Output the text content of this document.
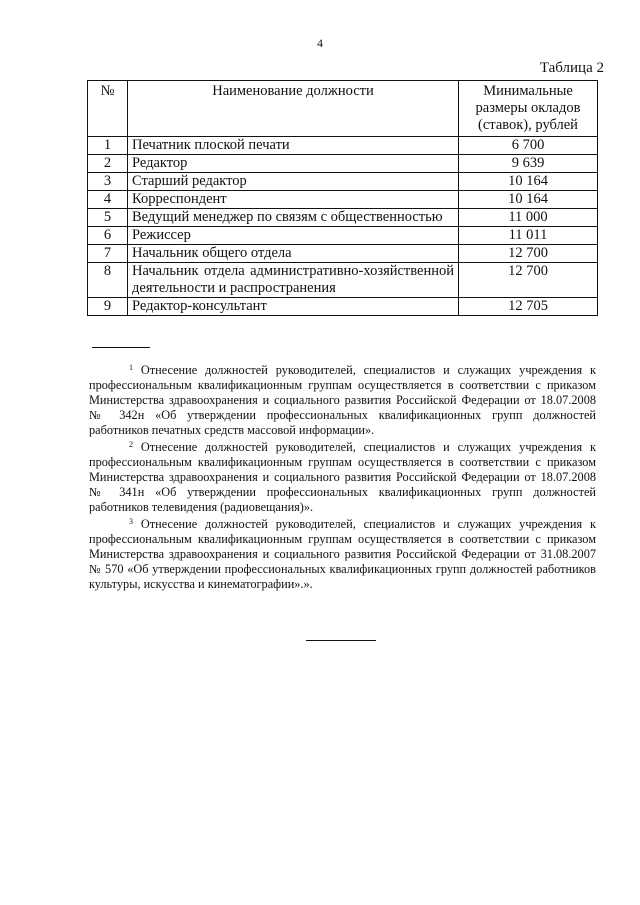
4
Таблица 2
№	Наименование должности	Минимальные размеры окладов (ставок), рублей
1	Печатник плоской печати	6 700
2	Редактор	9 639
3	Старший редактор	10 164
4	Корреспондент	10 164
5	Ведущий менеджер по связям с общественностью	11 000
6	Режиссер	11 011
7	Начальник общего отдела	12 700
8	Начальник отдела административно-хозяйственной деятельности и распространения	12 700
9	Редактор-консультант	12 705

$^1$ Отнесение должностей руководителей, специалистов и служащих учреждения к профессиональным квалификационным группам осуществляется в соответствии с приказом Министерства здравоохранения и социального развития Российской Федерации от 18.07.2008 № 342н «Об утверждении профессиональных квалификационных групп должностей работников печатных средств массовой информации».

$^2$ Отнесение должностей руководителей, специалистов и служащих учреждения к профессиональным квалификационным группам осуществляется в соответствии с приказом Министерства здравоохранения и социального развития Российской Федерации от 18.07.2008 № 341н «Об утверждении профессиональных квалификационных групп должностей работников телевидения (радиовещания)».

$^3$ Отнесение должностей руководителей, специалистов и служащих учреждения к профессиональным квалификационным группам осуществляется в соответствии с приказом Министерства здравоохранения и социального развития Российской Федерации от 31.08.2007 № 570 «Об утверждении профессиональных квалификационных групп должностей работников культуры, искусства и кинематографии».».
